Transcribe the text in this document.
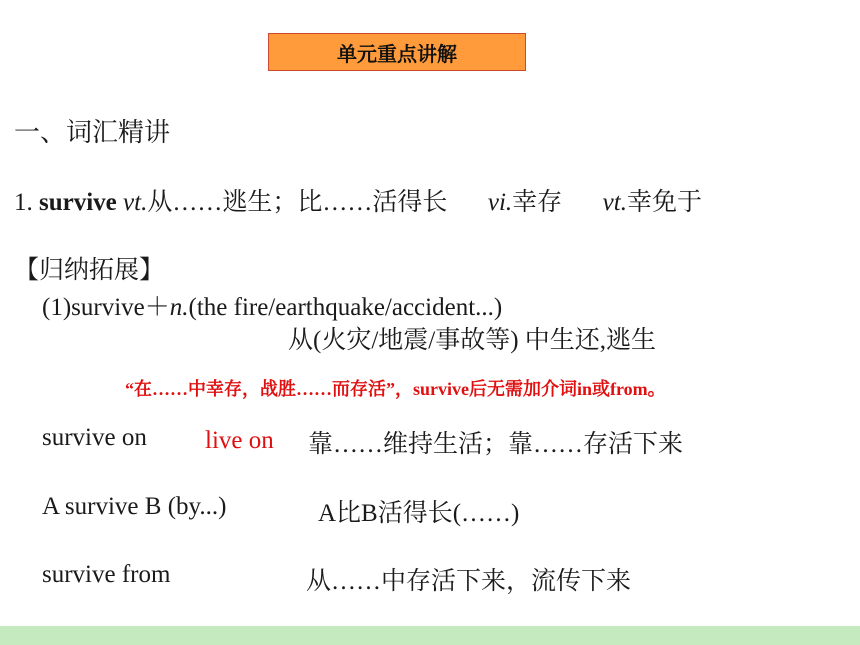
单元重点讲解
一、词汇精讲
1. survive vt.从……逃生；比……活得长 vi.幸存 vt.幸免于
【归纳拓展】
(1)survive＋n.(the fire/earthquake/accident...)
从(火灾/地震/事故等) 中生还,逃生
“在……中幸存，战胜……而存活”，survive后无需加介词in或from。
survive on live on 靠……维持生活；靠……存活下来
A survive B (by...)	A比B活得长(……)
survive from	从……中存活下来，流传下来
